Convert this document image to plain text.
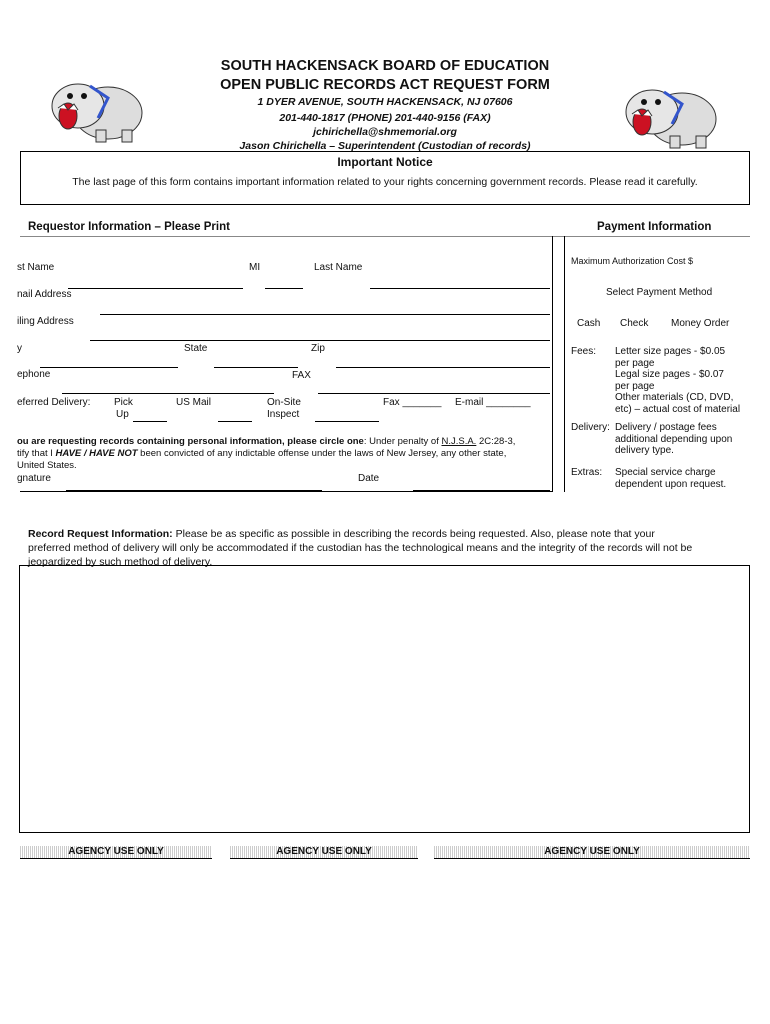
SOUTH HACKENSACK BOARD OF EDUCATION
OPEN PUBLIC RECORDS ACT REQUEST FORM
1 DYER AVENUE, SOUTH HACKENSACK, NJ 07606
201-440-1817 (PHONE) 201-440-9156 (FAX)
jchirichella@shmemorial.org
Jason Chirichella – Superintendent (Custodian of records)
Important Notice
The last page of this form contains important information related to your rights concerning government records. Please read it carefully.
Requestor Information – Please Print	Payment Information
st Name	MI	Last Name
nail Address
iling Address
y	State	Zip
ephone	FAX
eferred Delivery: Pick
Up
US Mail	On-Site
Inspect
Fax _______ E-mail ________
ou are requesting records containing personal information, please circle one: Under penalty of N.J.S.A. 2C:28-3,
tify that I HAVE / HAVE NOT been convicted of any indictable offense under the laws of New Jersey, any other state,
United States.
gnature	Date
Maximum Authorization Cost $
Select Payment Method
Cash Check Money Order
Fees: Letter size pages - $0.05
per page
Legal size pages - $0.07
per page
Other materials (CD, DVD,
etc) – actual cost of material
Delivery: Delivery / postage fees
additional depending upon
delivery type.
Extras: Special service charge
dependent upon request.
Record Request Information: Please be as specific as possible in describing the records being requested. Also, please note that your
preferred method of delivery will only be accommodated if the custodian has the technological means and the integrity of the records will not be
jeopardized by such method of delivery.
AGENCY USE ONLY	AGENCY USE ONLY	AGENCY USE ONLY
